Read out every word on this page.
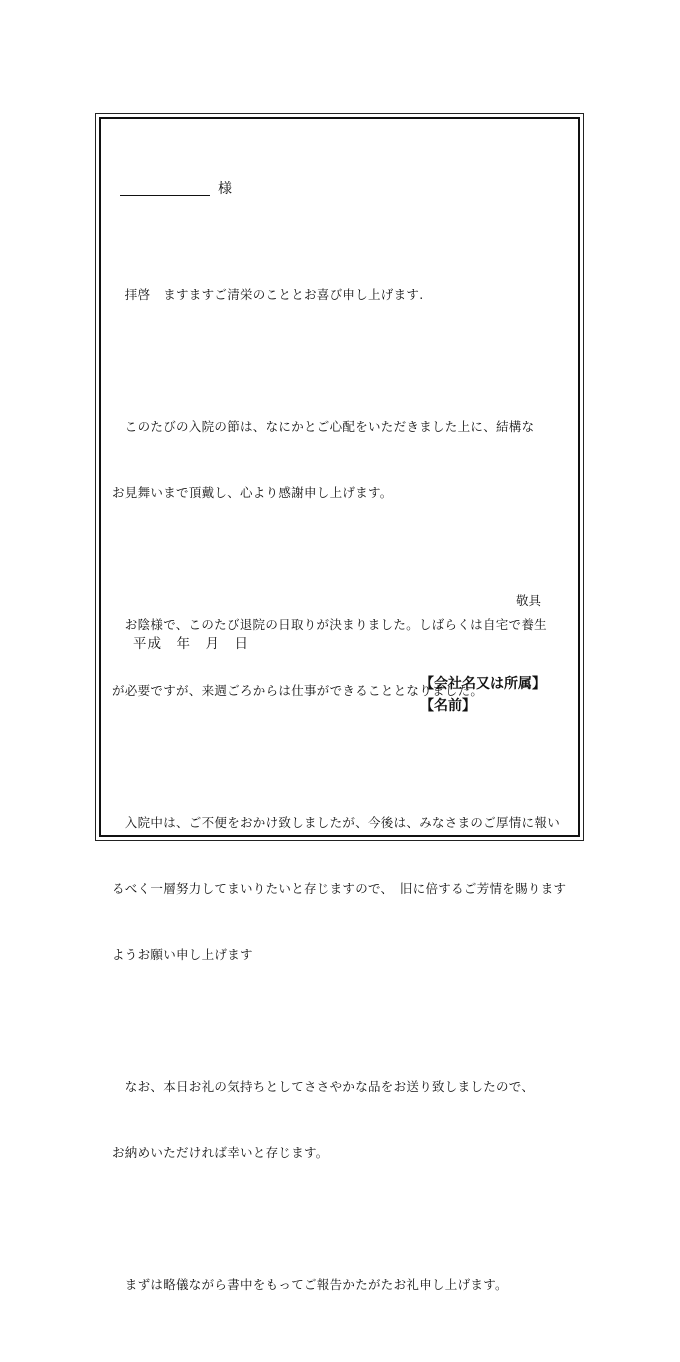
様

　拝啓　ますますご清栄のこととお喜び申し上げます.

　このたびの入院の節は、なにかとご心配をいただきました上に、結構な

お見舞いまで頂戴し、心より感謝申し上げます。

　お陰様で、このたび退院の日取りが決まりました。しばらくは自宅で養生

が必要ですが、来週ごろからは仕事ができることとなりました。

　入院中は、ご不便をおかけ致しましたが、今後は、みなさまのご厚情に報い

るべく一層努力してまいりたいと存じますので、　旧に倍するご芳情を賜ります

ようお願い申し上げます

　なお、本日お礼の気持ちとしてささやかな品をお送り致しましたので、

お納めいただければ幸いと存じます。

　まずは略儀ながら書中をもってご報告かたがたお礼申し上げます。

敬具
平成　年　月　日
【会社名又は所属】
【名前】
